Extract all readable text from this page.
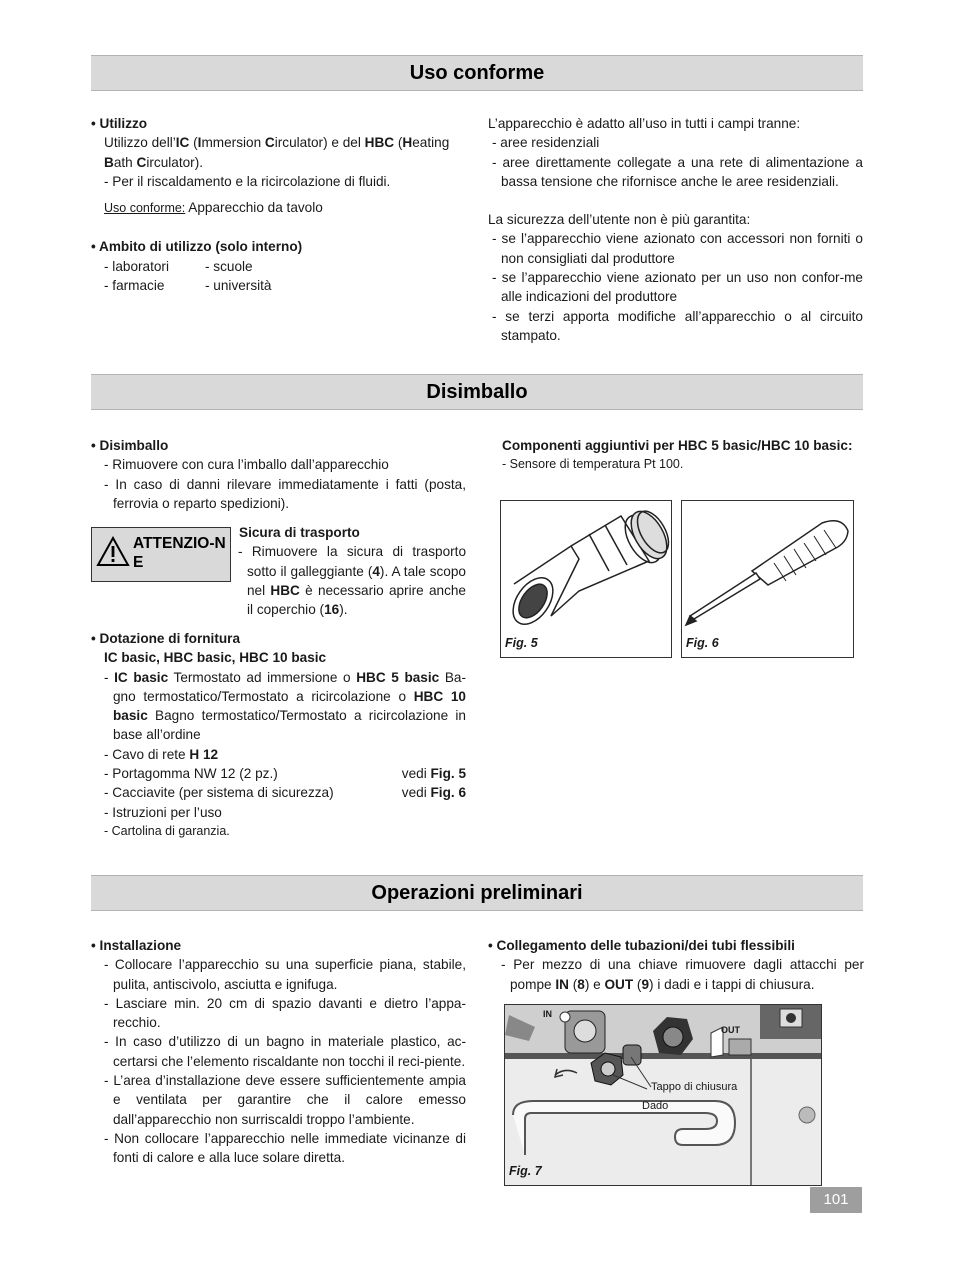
Uso conforme
Disimballo
Operazioni preliminari

• Utilizzo

Utilizzo dell’IC (Immersion Circulator) e del HBC (Heating
Bath Circulator).

- Per il riscaldamento e la ricircolazione di fluidi.

Uso conforme: Apparecchio da tavolo

• Ambito di utilizzo (solo interno)

- laboratori	- scuole
- farmacie	- università

L’apparecchio è adatto all’uso in tutti i campi tranne:

- aree residenziali

- aree direttamente collegate a una rete di alimentazione a bassa tensione che rifornisce anche le aree residenziali.

La sicurezza dell’utente non è più garantita:

- se l’apparecchio viene azionato con accessori non forniti o non consigliati dal produttore

- se l’apparecchio viene azionato per un uso non confor-me alle indicazioni del produttore

- se terzi apporta modifiche all’apparecchio o al circuito stampato.

• Disimballo

- Rimuovere con cura l’imballo dall’apparecchio

- In caso di danni rilevare immediatamente i fatti (posta, ferrovia o reparto spedizioni).

ATTENZIO-NE

Sicura di trasporto

- Rimuovere la sicura di trasporto sotto il galleggiante (4). A tale scopo nel HBC è necessario aprire anche il coperchio (16).

• Dotazione di fornitura

IC basic, HBC basic, HBC 10 basic

- IC basic Termostato ad immersione o HBC 5 basic Ba-gno termostatico/Termostato a ricircolazione o HBC 10 basic Bagno termostatico/Termostato a ricircolazione in base all’ordine

- Cavo di rete H 12

- Portagomma NW 12 (2 pz.)	vedi Fig. 5

- Cacciavite (per sistema di sicurezza)	vedi Fig. 6

- Istruzioni per l’uso

- Cartolina di garanzia.

Componenti aggiuntivi per HBC 5 basic/HBC 10 basic:

- Sensore di temperatura Pt 100.

Fig. 5	Fig. 6

• Installazione

- Collocare l’apparecchio su una superficie piana, stabile, pulita, antiscivolo, asciutta e ignifuga.

- Lasciare min. 20 cm di spazio davanti e dietro l’appa-recchio.

- In caso d’utilizzo di un bagno in materiale plastico, ac-certarsi che l’elemento riscaldante non tocchi il reci-piente.

- L’area d’installazione deve essere sufficientemente ampia e ventilata per garantire che il calore emesso dall’apparecchio non surriscaldi troppo l’ambiente.

- Non collocare l’apparecchio nelle immediate vicinanze di fonti di calore e alla luce solare diretta.

• Collegamento delle tubazioni/dei tubi flessibili

- Per mezzo di una chiave rimuovere dagli attacchi per pompe IN (8) e OUT (9) i dadi e i tappi di chiusura.

IN
OUT
Tappo di chiusura
Dado
Fig. 7
101
